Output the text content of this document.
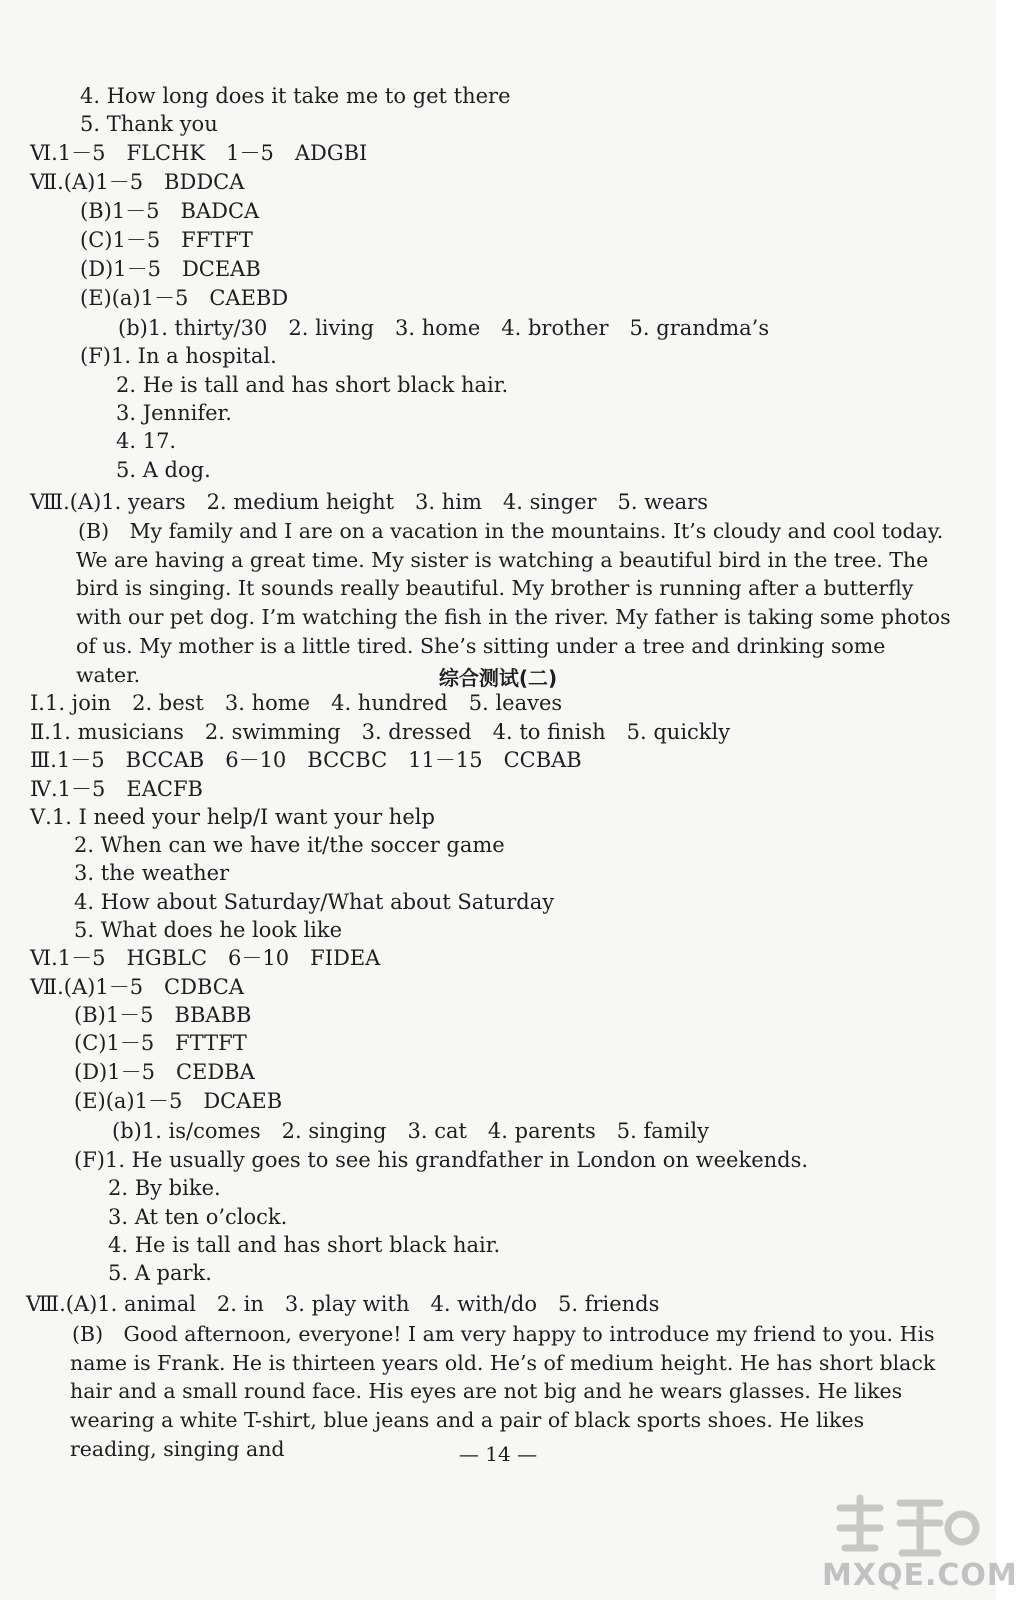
4. How long does it take me to get there
5. Thank you
Ⅵ.1－5　FLCHK　1－5　ADGBI
Ⅶ.(A)1－5　BDDCA
(B)1－5　BADCA
(C)1－5　FFTFT
(D)1－5　DCEAB
(E)(a)1－5　CAEBD
(b)1. thirty/30　2. living　3. home　4. brother　5. grandma’s
(F)1. In a hospital.
2. He is tall and has short black hair.
3. Jennifer.
4. 17.
5. A dog.
Ⅷ.(A)1. years　2. medium height　3. him　4. singer　5. wears
(B)　My family and I are on a vacation in the mountains. It’s cloudy and cool today. We are having a great time. My sister is watching a beautiful bird in the tree. The bird is singing. It sounds really beautiful. My brother is running after a butterfly with our pet dog. I’m watching the fish in the river. My father is taking some photos of us. My mother is a little tired. She’s sitting under a tree and drinking some water.	综合测试(二)
Ⅰ.1. join　2. best　3. home　4. hundred　5. leaves
Ⅱ.1. musicians　2. swimming　3. dressed　4. to finish　5. quickly
Ⅲ.1－5　BCCAB　6－10　BCCBC　11－15　CCBAB
Ⅳ.1－5　EACFB
Ⅴ.1. I need your help/I want your help
2. When can we have it/the soccer game
3. the weather
4. How about Saturday/What about Saturday
5. What does he look like
Ⅵ.1－5　HGBLC　6－10　FIDEA
Ⅶ.(A)1－5　CDBCA
(B)1－5　BBABB
(C)1－5　FTTFT
(D)1－5　CEDBA
(E)(a)1－5　DCAEB
(b)1. is/comes　2. singing　3. cat　4. parents　5. family
(F)1. He usually goes to see his grandfather in London on weekends.
2. By bike.
3. At ten o’clock.
4. He is tall and has short black hair.
5. A park.
Ⅷ.(A)1. animal　2. in　3. play with　4. with/do　5. friends
(B)　Good afternoon, everyone! I am very happy to introduce my friend to you. His name is Frank. He is thirteen years old. He’s of medium height. He has short black hair and a small round face. His eyes are not big and he wears glasses. He likes wearing a white T-shirt, blue jeans and a pair of black sports shoes. He likes reading, singing and	— 14 —
MXQE.COM
